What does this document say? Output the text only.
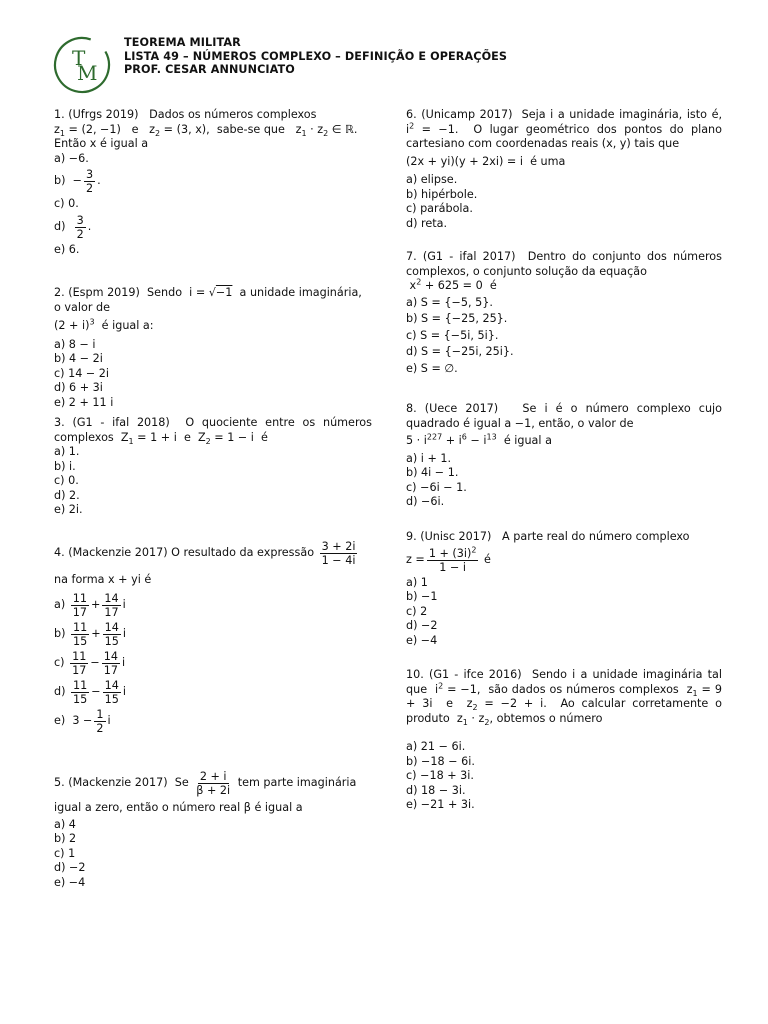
T
M
TEOREMA MILITAR
LISTA 49 – NÚMEROS COMPLEXO – DEFINIÇÃO E OPERAÇÕES
PROF. CESAR ANNUNCIATO
1. (Ufrgs 2019) Dados os números complexos
$z_1 = (2$, −1)   e   $z_2 = (3$, x),  sabe-se que   $z_1 \cdot z_2$ ∈ ℝ.
Então x é igual a
a) −6.
$b) - \frac{3}{2}$ .
c) 0.
d)
$\frac{3}{2}$ .
e) 6.
2. (Espm 2019) Sendo  i = √−1 a unidade imaginária, o valor de
$(2 + i)^3$ é igual a:
a) 8 − i
b) 4 − 2i
c) 14 − 2i
d) 6 + 3i
e) 2 + 11 i
3. (G1 - ifal 2018) O quociente entre os números complexos  $Z_1 = 1 + i$  e  $Z_2 = 1 - i$  é
a) 1.
b) i.
c) 0.
d) 2.
e) 2i.
4.
(Mackenzie 2017)
O resultado da expressão
$\frac{3 + 2i}{1 - 4i}$
na forma x + yi é
a)
$\frac{11}{17} + \frac{14}{17}$ i
b)
$\frac{11}{15} + \frac{14}{15}$ i
c)
$\frac{11}{17} - \frac{14}{17}$ i
d)
$\frac{11}{15} - \frac{14}{15}$ i
e) $3 - \frac{1}{2}$ i
5.
(Mackenzie 2017)
Se
$\frac{2 + i}{\beta + 2i}$
tem parte imaginária
igual a zero, então o número real β é igual a
a) 4
b) 2
c) 1
d) −2
e) −4
6. (Unicamp 2017) Seja i a unidade imaginária, isto é, $i^2 = -1$.  O lugar geométrico dos pontos do plano cartesiano com coordenadas reais (x, y) tais que
(2x + yi)(y + 2xi) = i  é uma
a) elipse.
b) hipérbole.
c) parábola.
d) reta.
7. (G1 - ifal 2017) Dentro do conjunto dos números complexos, o conjunto solução da equação
$x^2 + 625 = 0$  é
a) S = {−5, 5}.
b) S = {−25, 25}.
c) S = {−5i, 5i}.
d) S = {−25i, 25i}.
e) S = ∅.
8. (Uece 2017) Se i é o número complexo cujo quadrado é igual a −1, então, o valor de
$5 \cdot i^{227} + i^6 - i^{13}$ é igual a
a) i + 1.
b) 4i − 1.
c) −6i − 1.
d) −6i.
9. (Unisc 2017) A parte real do número complexo
$z = \frac{1 + (3i)^2}{1 - i}$
é
a) 1
b) −1
c) 2
d) −2
e) −4
10. (G1 - ifce 2016) Sendo i a unidade imaginária tal que  $i^2 = -1$,  são dados os números complexos  $z_1 = 9 + 3i$  e  $z_2 = -2 + i$.  Ao calcular corretamente o produto  $z_1 \cdot z_2$, obtemos o número
a) 21 − 6i.
b) −18 − 6i.
c) −18 + 3i.
d) 18 − 3i.
e) −21 + 3i.
